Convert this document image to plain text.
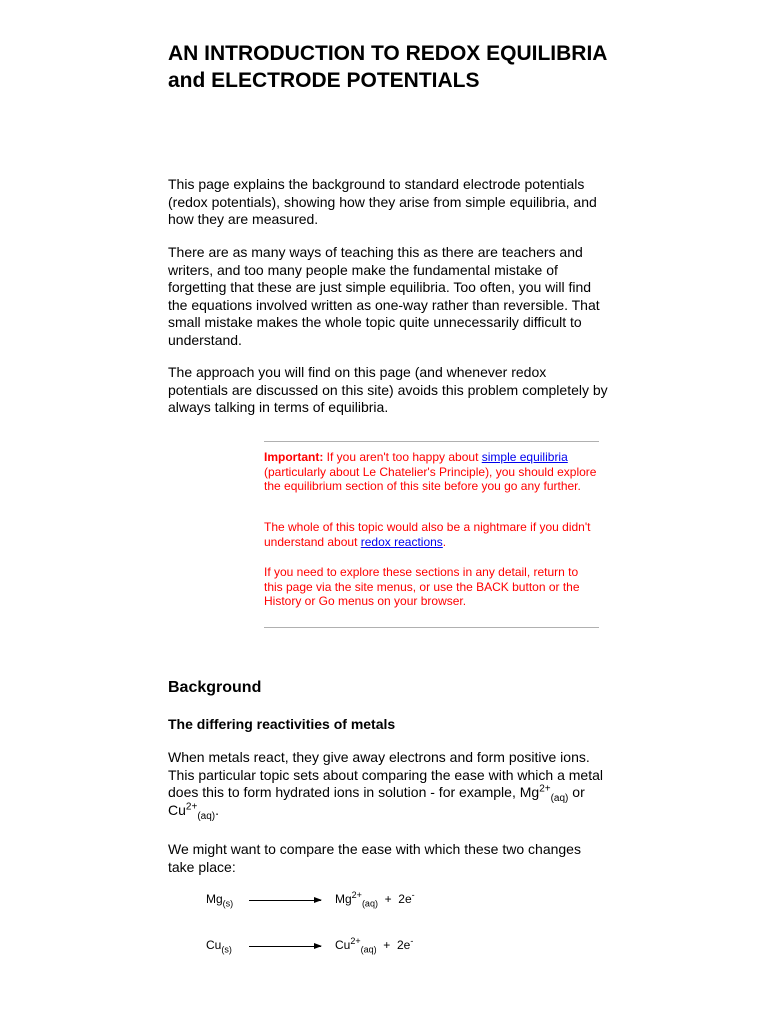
AN INTRODUCTION TO REDOX EQUILIBRIA and ELECTRODE POTENTIALS

This page explains the background to standard electrode potentials (redox potentials), showing how they arise from simple equilibria, and how they are measured.

There are as many ways of teaching this as there are teachers and writers, and too many people make the fundamental mistake of forgetting that these are just simple equilibria. Too often, you will find the equations involved written as one-way rather than reversible. That small mistake makes the whole topic quite unnecessarily difficult to understand.

The approach you will find on this page (and whenever redox potentials are discussed on this site) avoids this problem completely by always talking in terms of equilibria.

Important: If you aren't too happy about simple equilibria (particularly about Le Chatelier's Principle), you should explore the equilibrium section of this site before you go any further.

The whole of this topic would also be a nightmare if you didn't understand about redox reactions.

If you need to explore these sections in any detail, return to this page via the site menus, or use the BACK button or the History or Go menus on your browser.

Background
The differing reactivities of metals

When metals react, they give away electrons and form positive ions. This particular topic sets about comparing the ease with which a metal does this to form hydrated ions in solution - for example, $Mg^{2+}_{(aq)}$ or $Cu^{2+}_{(aq)}$.

We might want to compare the ease with which these two changes take place:

$Mg_{(s)}$	$Mg^{2+}_{(aq)} + 2e^-$
$Cu_{(s)}$	$Cu^{2+}_{(aq)} + 2e^-$
